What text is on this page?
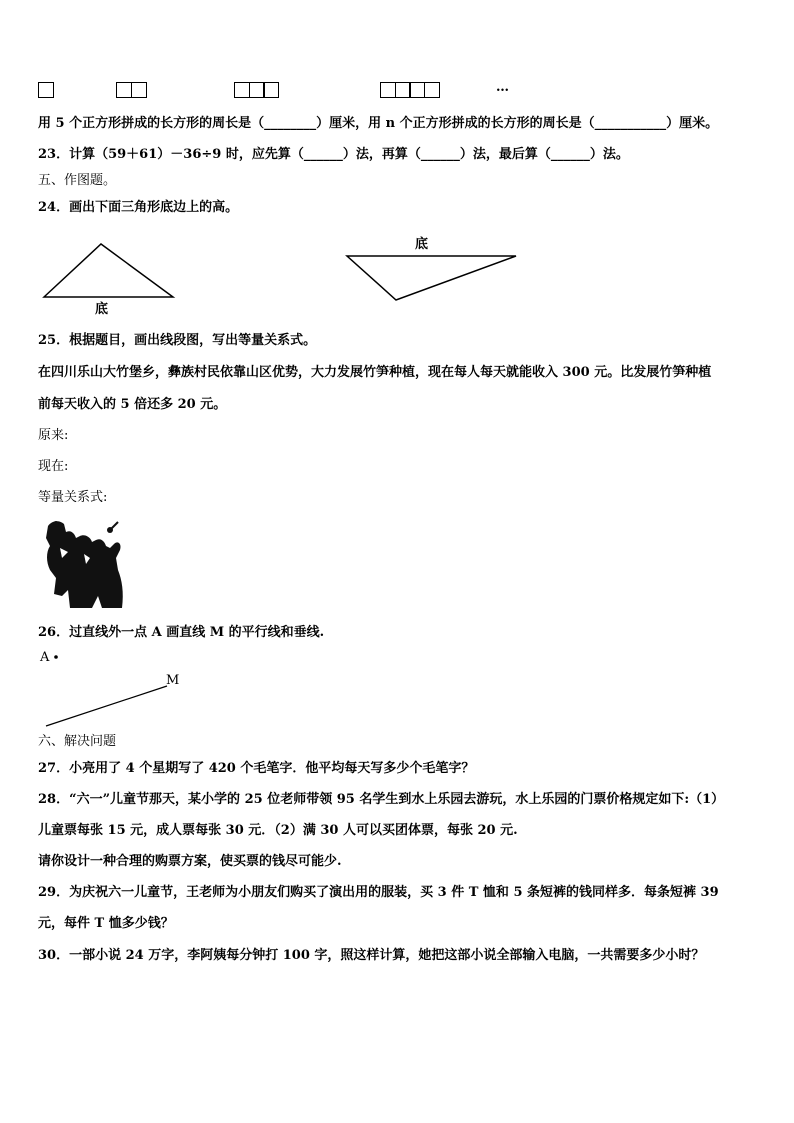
…
用 5 个正方形拼成的长方形的周长是（________）厘米，用 n 个正方形拼成的长方形的周长是（___________）厘米。
23．计算（59＋61）－36÷9 时，应先算（______）法，再算（______）法，最后算（______）法。
五、作图题。
24．画出下面三角形底边上的高。
底
底
25．根据题目，画出线段图，写出等量关系式。
在四川乐山大竹堡乡，彝族村民依靠山区优势，大力发展竹笋种植，现在每人每天就能收入 300 元。比发展竹笋种植
前每天收入的 5 倍还多 20 元。
原来:
现在:
等量关系式:
26．过直线外一点 A 画直线 M 的平行线和垂线.
A
M
六、解决问题
27．小亮用了 4 个星期写了 420 个毛笔字．他平均每天写多少个毛笔字？
28．“六一”儿童节那天，某小学的 25 位老师带领 95 名学生到水上乐园去游玩，水上乐园的门票价格规定如下:（1）
儿童票每张 15 元，成人票每张 30 元．（2）满 30 人可以买团体票，每张 20 元.
请你设计一种合理的购票方案，使买票的钱尽可能少.
29．为庆祝六一儿童节，王老师为小朋友们购买了演出用的服装，买 3 件 T 恤和 5 条短裤的钱同样多．每条短裤 39
元，每件 T 恤多少钱？
30．一部小说 24 万字，李阿姨每分钟打 100 字，照这样计算，她把这部小说全部输入电脑，一共需要多少小时？
